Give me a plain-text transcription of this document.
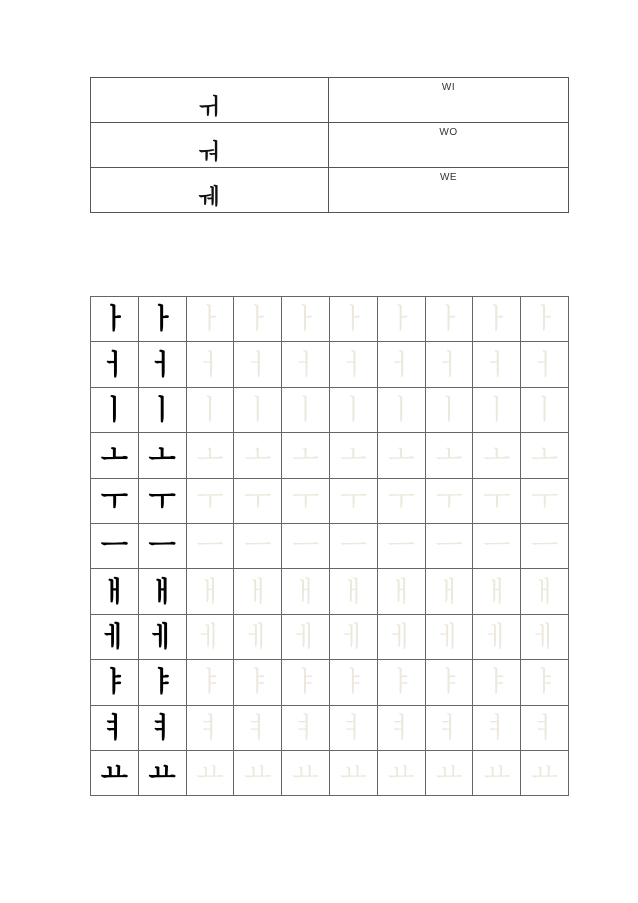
ㅟ	WI

ㅝ	WO

ㅞ	WE
ㅏ	ㅏ	ㅏ	ㅏ	ㅏ	ㅏ	ㅏ	ㅏ	ㅏ	ㅏ
ㅓ	ㅓ	ㅓ	ㅓ	ㅓ	ㅓ	ㅓ	ㅓ	ㅓ	ㅓ
ㅣ	ㅣ	ㅣ	ㅣ	ㅣ	ㅣ	ㅣ	ㅣ	ㅣ	ㅣ
ㅗ	ㅗ	ㅗ	ㅗ	ㅗ	ㅗ	ㅗ	ㅗ	ㅗ	ㅗ
ㅜ	ㅜ	ㅜ	ㅜ	ㅜ	ㅜ	ㅜ	ㅜ	ㅜ	ㅜ
ㅡ	ㅡ	ㅡ	ㅡ	ㅡ	ㅡ	ㅡ	ㅡ	ㅡ	ㅡ
ㅐ	ㅐ	ㅐ	ㅐ	ㅐ	ㅐ	ㅐ	ㅐ	ㅐ	ㅐ
ㅔ	ㅔ	ㅔ	ㅔ	ㅔ	ㅔ	ㅔ	ㅔ	ㅔ	ㅔ
ㅑ	ㅑ	ㅑ	ㅑ	ㅑ	ㅑ	ㅑ	ㅑ	ㅑ	ㅑ
ㅕ	ㅕ	ㅕ	ㅕ	ㅕ	ㅕ	ㅕ	ㅕ	ㅕ	ㅕ
ㅛ	ㅛ	ㅛ	ㅛ	ㅛ	ㅛ	ㅛ	ㅛ	ㅛ	ㅛ
